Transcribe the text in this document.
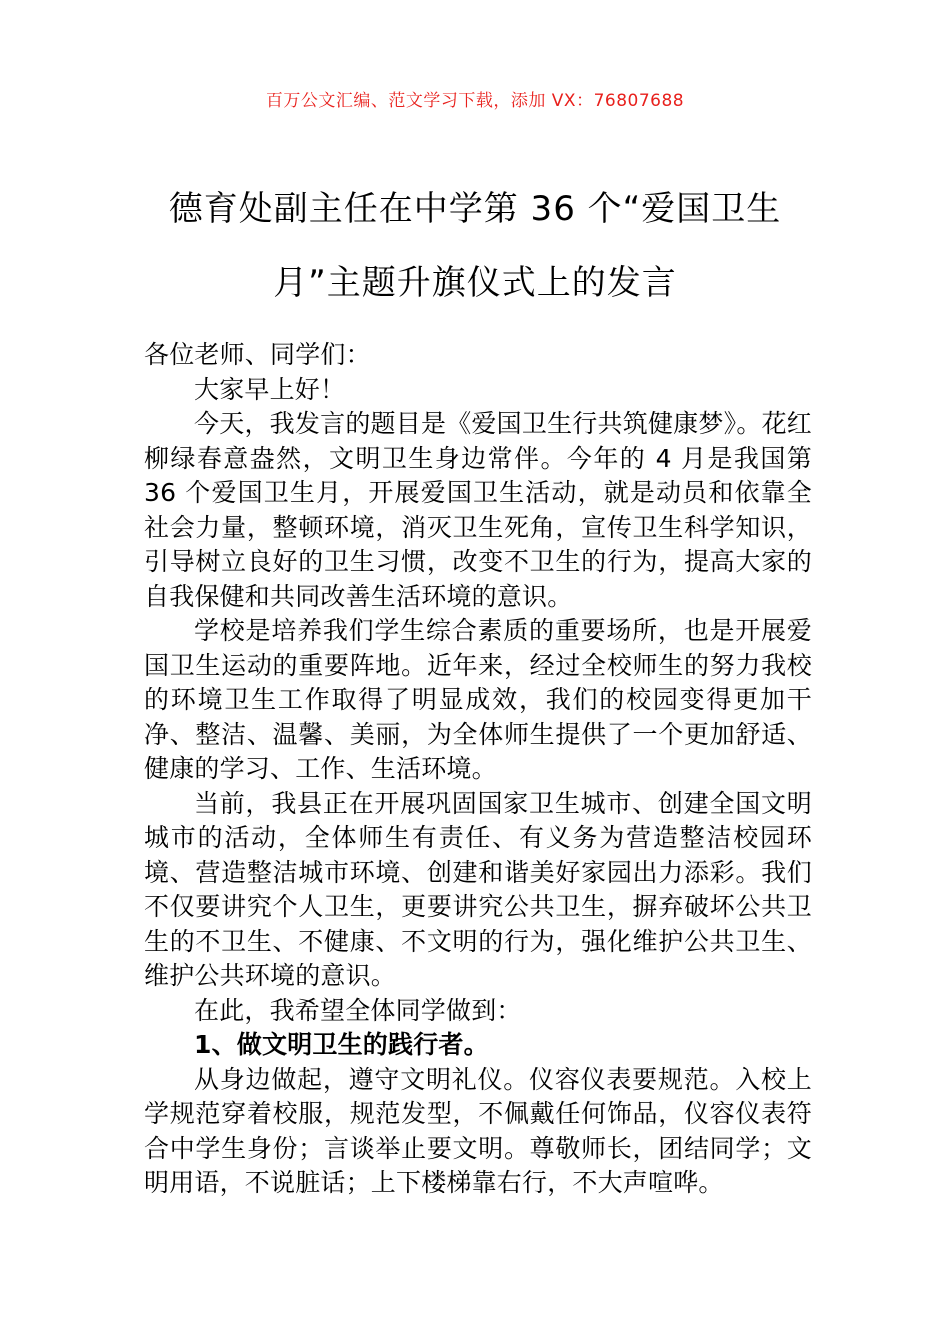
百万公文汇编、范文学习下载，添加 VX：76807688
德育处副主任在中学第 36 个“爱国卫生
月”主题升旗仪式上的发言

各位老师、同学们：

大家早上好！

今天，我发言的题目是《爱国卫生行共筑健康梦》。花红柳绿春意盎然，文明卫生身边常伴。今年的 4 月是我国第 36 个爱国卫生月，开展爱国卫生活动，就是动员和依靠全社会力量，整顿环境，消灭卫生死角，宣传卫生科学知识，引导树立良好的卫生习惯，改变不卫生的行为，提高大家的自我保健和共同改善生活环境的意识。

学校是培养我们学生综合素质的重要场所，也是开展爱国卫生运动的重要阵地。近年来，经过全校师生的努力我校的环境卫生工作取得了明显成效，我们的校园变得更加干净、整洁、温馨、美丽，为全体师生提供了一个更加舒适、健康的学习、工作、生活环境。

当前，我县正在开展巩固国家卫生城市、创建全国文明城市的活动，全体师生有责任、有义务为营造整洁校园环境、营造整洁城市环境、创建和谐美好家园出力添彩。我们不仅要讲究个人卫生，更要讲究公共卫生，摒弃破坏公共卫生的不卫生、不健康、不文明的行为，强化维护公共卫生、维护公共环境的意识。

在此，我希望全体同学做到：

1、做文明卫生的践行者。

从身边做起，遵守文明礼仪。仪容仪表要规范。入校上学规范穿着校服，规范发型，不佩戴任何饰品，仪容仪表符合中学生身份；言谈举止要文明。尊敬师长，团结同学；文明用语，不说脏话；上下楼梯靠右行，不大声喧哗。
